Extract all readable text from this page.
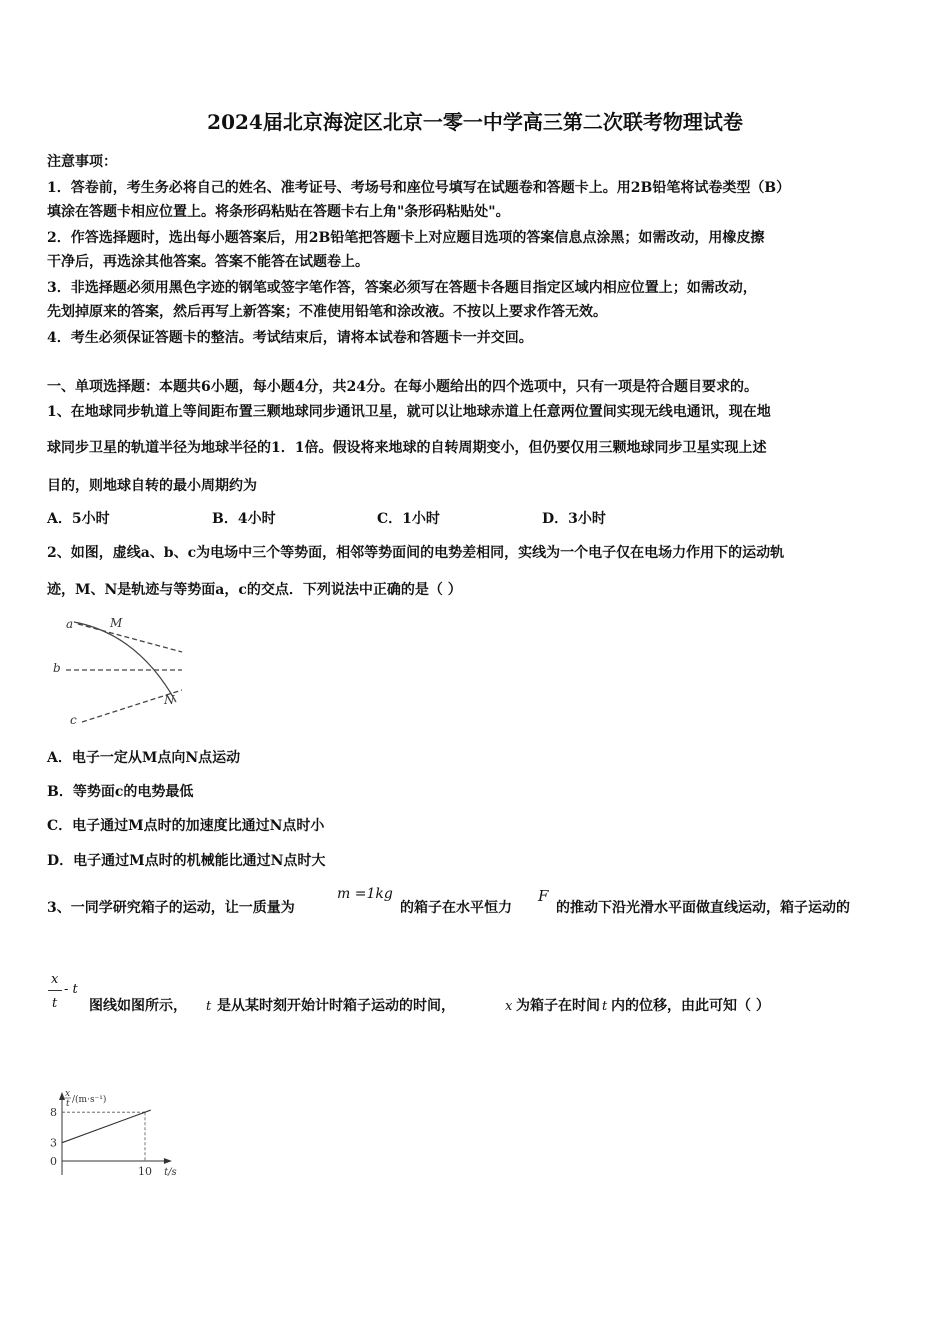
2024届北京海淀区北京一零一中学高三第二次联考物理试卷
注意事项：
1．答卷前，考生务必将自己的姓名、准考证号、考场号和座位号填写在试题卷和答题卡上。用2B铅笔将试卷类型（B）
填涂在答题卡相应位置上。将条形码粘贴在答题卡右上角"条形码粘贴处"。
2．作答选择题时，选出每小题答案后，用2B铅笔把答题卡上对应题目选项的答案信息点涂黑；如需改动，用橡皮擦
干净后，再选涂其他答案。答案不能答在试题卷上。
3．非选择题必须用黑色字迹的钢笔或签字笔作答，答案必须写在答题卡各题目指定区域内相应位置上；如需改动，
先划掉原来的答案，然后再写上新答案；不准使用铅笔和涂改液。不按以上要求作答无效。
4．考生必须保证答题卡的整洁。考试结束后，请将本试卷和答题卡一并交回。
一、单项选择题：本题共6小题，每小题4分，共24分。在每小题给出的四个选项中，只有一项是符合题目要求的。
1、在地球同步轨道上等间距布置三颗地球同步通讯卫星，就可以让地球赤道上任意两位置间实现无线电通讯，现在地
球同步卫星的轨道半径为地球半径的1．1倍。假设将来地球的自转周期变小，但仍要仅用三颗地球同步卫星实现上述
目的，则地球自转的最小周期约为
A．5小时	B．4小时	C．1小时	D．3小时
2、如图，虚线a、b、c为电场中三个等势面，相邻等势面间的电势差相同，实线为一个电子仅在电场力作用下的运动轨
迹，M、N是轨迹与等势面a，c的交点．下列说法中正确的是（ ）
a
b
c
M
N
A．电子一定从M点向N点运动
B．等势面c的电势最低
C．电子通过M点时的加速度比通过N点时小
D．电子通过M点时的机械能比通过N点时大
3、一同学研究箱子的运动，让一质量为
m =1kg
的箱子在水平恒力
F
的推动下沿光滑水平面做直线运动，箱子运动的
x
t
- t
图线如图所示， t 是从某时刻开始计时箱子运动的时间，	x 为箱子在时间 t 内的位移，由此可知（ ）
x
t /(m·s⁻¹)
8
3
0
10 t/s
